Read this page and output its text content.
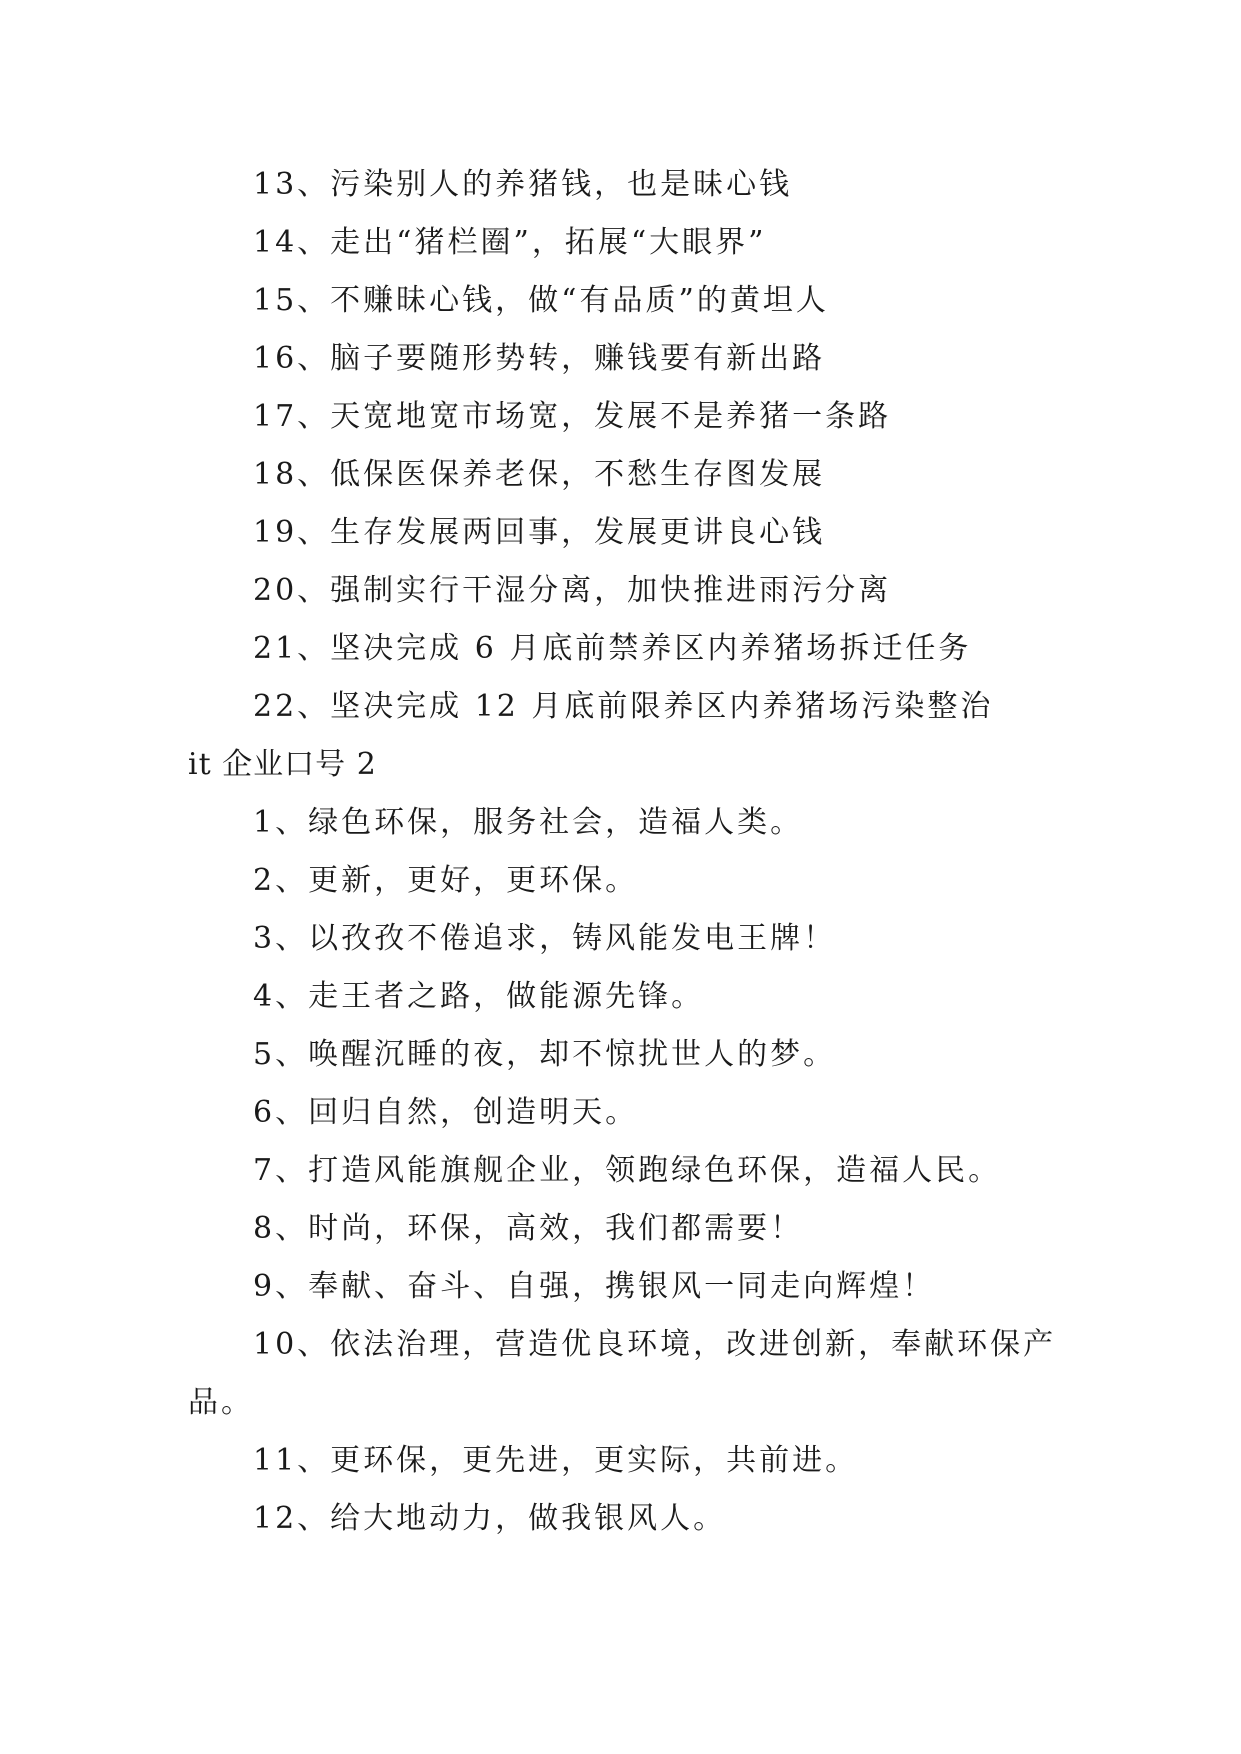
13、污染别人的养猪钱，也是昧心钱
14、走出“猪栏圈”，拓展“大眼界”
15、不赚昧心钱，做“有品质”的黄坦人
16、脑子要随形势转，赚钱要有新出路
17、天宽地宽市场宽，发展不是养猪一条路
18、低保医保养老保，不愁生存图发展
19、生存发展两回事，发展更讲良心钱
20、强制实行干湿分离，加快推进雨污分离
21、坚决完成 6 月底前禁养区内养猪场拆迁任务
22、坚决完成 12 月底前限养区内养猪场污染整治
it 企业口号 2
1、绿色环保，服务社会，造福人类。
2、更新，更好，更环保。
3、以孜孜不倦追求，铸风能发电王牌！
4、走王者之路，做能源先锋。
5、唤醒沉睡的夜，却不惊扰世人的梦。
6、回归自然，创造明天。
7、打造风能旗舰企业，领跑绿色环保，造福人民。
8、时尚，环保，高效，我们都需要！
9、奉献、奋斗、自强，携银风一同走向辉煌！
10、依法治理，营造优良环境，改进创新，奉献环保产
品。
11、更环保，更先进，更实际，共前进。
12、给大地动力，做我银风人。
